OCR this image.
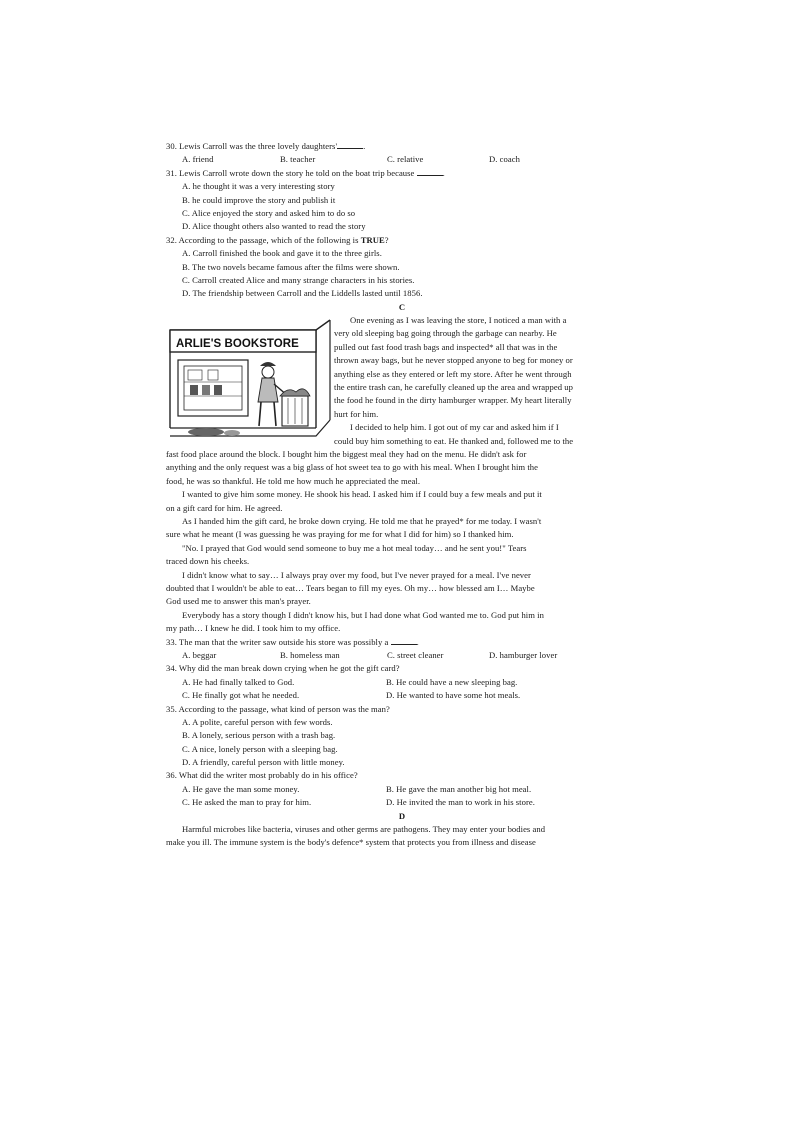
30. Lewis Carroll was the three lovely daughters'	.
A. friend	B. teacher	C. relative	D. coach
31. Lewis Carroll wrote down the story he told on the boat trip because	.
A. he thought it was a very interesting story
B. he could improve the story and publish it
C. Alice enjoyed the story and asked him to do so
D. Alice thought others also wanted to read the story
32. According to the passage, which of the following is TRUE?
A. Carroll finished the book and gave it to the three girls.
B. The two novels became famous after the films were shown.
C. Carroll created Alice and many strange characters in his stories.
D. The friendship between Carroll and the Liddells lasted until 1856.
C
ARLIE'S BOOKSTORE
One evening as I was leaving the store, I noticed a man with a
very old sleeping bag going through the garbage can nearby. He
pulled out fast food trash bags and inspected* all that was in the
thrown away bags, but he never stopped anyone to beg for money or
anything else as they entered or left my store. After he went through
the entire trash can, he carefully cleaned up the area and wrapped up
the food he found in the dirty hamburger wrapper. My heart literally
hurt for him.
I decided to help him. I got out of my car and asked him if I
could buy him something to eat. He thanked and, followed me to the
fast food place around the block. I bought him the biggest meal they had on the menu. He didn't ask for
anything and the only request was a big glass of hot sweet tea to go with his meal. When I brought him the
food, he was so thankful. He told me how much he appreciated the meal.
I wanted to give him some money. He shook his head. I asked him if I could buy a few meals and put it
on a gift card for him. He agreed.
As I handed him the gift card, he broke down crying. He told me that he prayed* for me today. I wasn't
sure what he meant (I was guessing he was praying for me for what I did for him) so I thanked him.
"No. I prayed that God would send someone to buy me a hot meal today… and he sent you!" Tears
traced down his cheeks.
I didn't know what to say… I always pray over my food, but I've never prayed for a meal. I've never
doubted that I wouldn't be able to eat… Tears began to fill my eyes. Oh my… how blessed am I… Maybe
God used me to answer this man's prayer.
Everybody has a story though I didn't know his, but I had done what God wanted me to. God put him in
my path… I knew he did. I took him to my office.
33. The man that the writer saw outside his store was possibly a	.
A. beggar	B. homeless man	C. street cleaner	D. hamburger lover
34. Why did the man break down crying when he got the gift card?
A. He had finally talked to God.	B. He could have a new sleeping bag.
C. He finally got what he needed.	D. He wanted to have some hot meals.
35. According to the passage, what kind of person was the man?
A. A polite, careful person with few words.
B. A lonely, serious person with a trash bag.
C. A nice, lonely person with a sleeping bag.
D. A friendly, careful person with little money.
36. What did the writer most probably do in his office?
A. He gave the man some money.	B. He gave the man another big hot meal.
C. He asked the man to pray for him.	D. He invited the man to work in his store.
D
Harmful microbes like bacteria, viruses and other germs are pathogens. They may enter your bodies and
make you ill. The immune system is the body's defence* system that protects you from illness and disease
